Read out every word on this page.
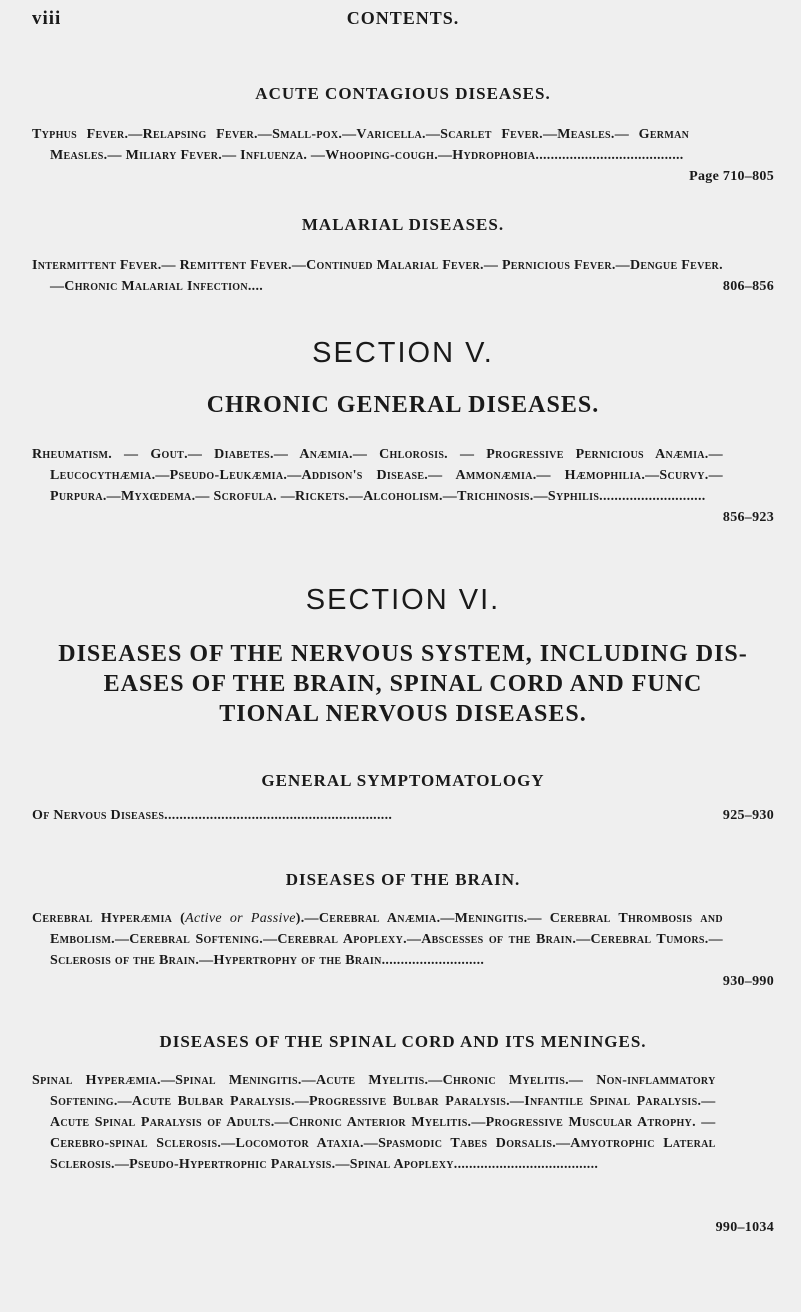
viii	CONTENTS.
ACUTE CONTAGIOUS DISEASES.

Page 710–805
Typhus Fever.—Relapsing Fever.—Small-pox.—Varicella.—Scarlet Fever.—Measles.— German Measles.— Miliary Fever.— Influenza. —Whooping-cough.—Hydrophobia.......................................

MALARIAL DISEASES.

806–856
Intermittent Fever.— Remittent Fever.—Continued Malarial Fever.— Pernicious Fever.—Dengue Fever.—Chronic Malarial Infection....

SECTION V.
CHRONIC GENERAL DISEASES.

856–923
Rheumatism. — Gout.— Diabetes.— Anæmia.— Chlorosis. — Progressive Pernicious Anæmia.—Leucocythæmia.—Pseudo-Leukæmia.—Addison's Disease.— Ammonæmia.— Hæmophilia.—Scurvy.— Purpura.—Myxœdema.— Scrofula. —Rickets.—Alcoholism.—Trichinosis.—Syphilis............................

SECTION VI.
DISEASES OF THE NERVOUS SYSTEM, INCLUDING DIS-
EASES OF THE BRAIN, SPINAL CORD AND FUNC
TIONAL NERVOUS DISEASES.
GENERAL SYMPTOMATOLOGY

925–930
Of Nervous Diseases............................................................

DISEASES OF THE BRAIN.

930–990
Cerebral Hyperæmia (Active or Passive).—Cerebral Anæmia.—Meningitis.— Cerebral Thrombosis and Embolism.—Cerebral Softening.—Cerebral Apoplexy.—Abscesses of the Brain.—Cerebral Tumors.—Sclerosis of the Brain.—Hypertrophy of the Brain...........................

DISEASES OF THE SPINAL CORD AND ITS MENINGES.

990–1034
Spinal Hyperæmia.—Spinal Meningitis.—Acute Myelitis.—Chronic Myelitis.— Non-inflammatory Softening.—Acute Bulbar Paralysis.—Progressive Bulbar Paralysis.—Infantile Spinal Paralysis.—Acute Spinal Paralysis of Adults.—Chronic Anterior Myelitis.—Progressive Muscular Atrophy. —Cerebro-spinal Sclerosis.—Locomotor Ataxia.—Spasmodic Tabes Dorsalis.—Amyotrophic Lateral Sclerosis.—Pseudo-Hypertrophic Paralysis.—Spinal Apoplexy......................................
